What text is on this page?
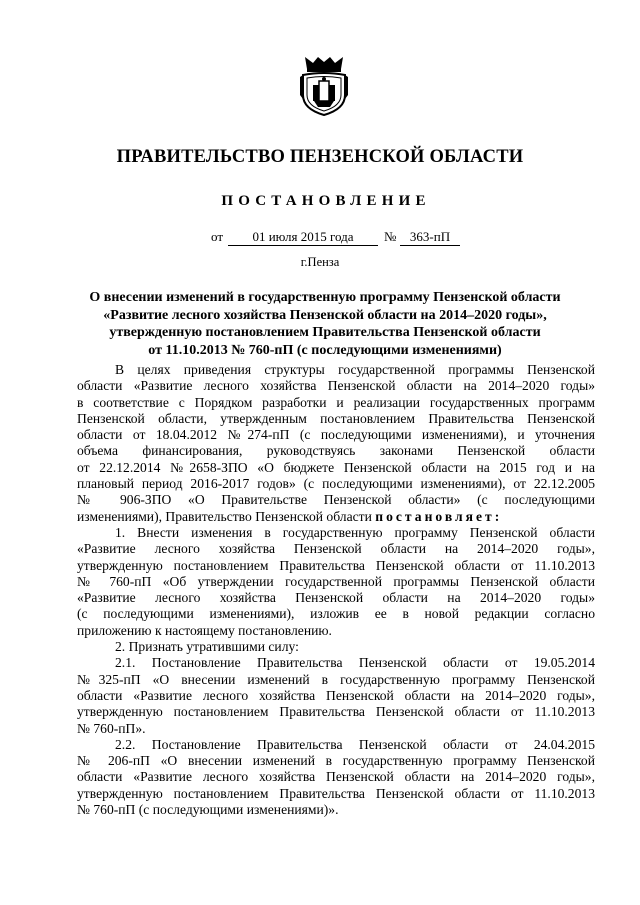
ПРАВИТЕЛЬСТВО ПЕНЗЕНСКОЙ ОБЛАСТИ
ПОСТАНОВЛЕНИЕ
от	01 июля 2015 года	№	363-пП
г.Пенза
О внесении изменений в государственную программу Пензенской области
«Развитие лесного хозяйства Пензенской области на 2014–2020 годы»,
утвержденную постановлением Правительства Пензенской области
от 11.10.2013 № 760-пП (с последующими изменениями)
В целях приведения структуры государственной программы Пензенской
области «Развитие лесного хозяйства Пензенской области на 2014–2020 годы»
в соответствие с Порядком разработки и реализации государственных программ
Пензенской области, утвержденным постановлением Правительства Пензенской
области от 18.04.2012 №274-пП (с последующими изменениями), и уточнения
объема финансирования, руководствуясь законами Пензенской области
от 22.12.2014 №2658-ЗПО «О бюджете Пензенской области на 2015 год и на
плановый период 2016-2017 годов» (с последующими изменениями), от 22.12.2005
№ 906-ЗПО «О Правительстве Пензенской области» (с последующими
изменениями), Правительство Пензенской области постановляет:
1. Внести изменения в государственную программу Пензенской области
«Развитие лесного хозяйства Пензенской области на 2014–2020 годы»,
утвержденную постановлением Правительства Пензенской области от 11.10.2013
№ 760-пП «Об утверждении государственной программы Пензенской области
«Развитие лесного хозяйства Пензенской области на 2014–2020 годы»
(с последующими изменениями), изложив ее в новой редакции согласно
приложению к настоящему постановлению.
2. Признать утратившими силу:
2.1. Постановление Правительства Пензенской области от 19.05.2014
№325-пП «О внесении изменений в государственную программу Пензенской
области «Развитие лесного хозяйства Пензенской области на 2014–2020 годы»,
утвержденную постановлением Правительства Пензенской области от 11.10.2013
№ 760-пП».
2.2. Постановление Правительства Пензенской области от 24.04.2015
№ 206-пП «О внесении изменений в государственную программу Пензенской
области «Развитие лесного хозяйства Пензенской области на 2014–2020 годы»,
утвержденную постановлением Правительства Пензенской области от 11.10.2013
№ 760-пП (с последующими изменениями)».
